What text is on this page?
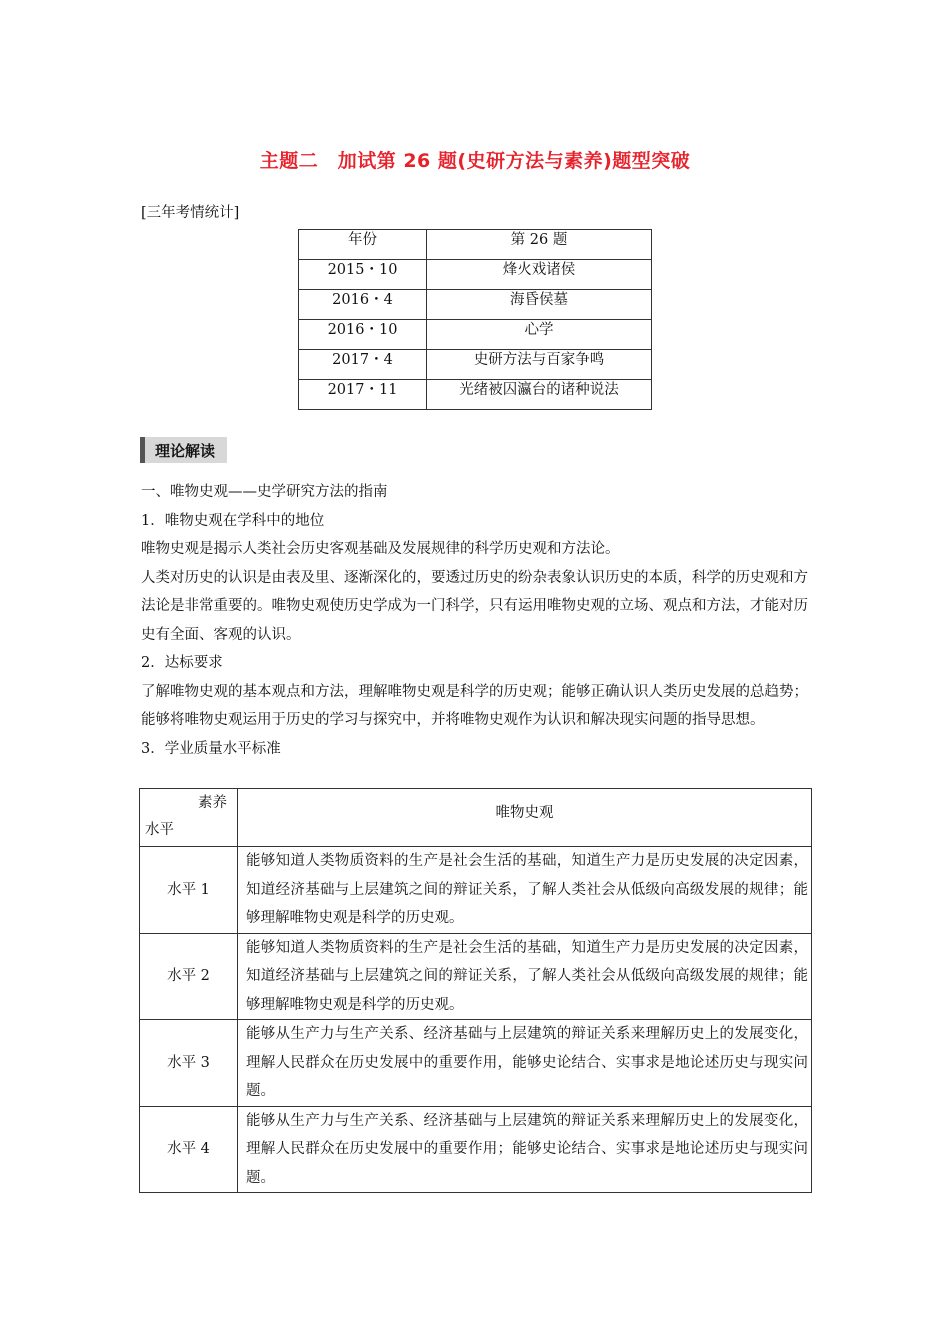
主题二　加试第 26 题(史研方法与素养)题型突破
[三年考情统计]
年份	第 26 题
2015・10	烽火戏诸侯
2016・4	海昏侯墓
2016・10	心学
2017・4	史研方法与百家争鸣
2017・11	光绪被囚瀛台的诸种说法
理论解读

一、唯物史观——史学研究方法的指南

1．唯物史观在学科中的地位

唯物史观是揭示人类社会历史客观基础及发展规律的科学历史观和方法论。

人类对历史的认识是由表及里、逐渐深化的，要透过历史的纷杂表象认识历史的本质，科学的历史观和方法论是非常重要的。唯物史观使历史学成为一门科学，只有运用唯物史观的立场、观点和方法，才能对历史有全面、客观的认识。

2．达标要求

了解唯物史观的基本观点和方法，理解唯物史观是科学的历史观；能够正确认识人类历史发展的总趋势；能够将唯物史观运用于历史的学习与探究中，并将唯物史观作为认识和解决现实问题的指导思想。

3．学业质量水平标准

素养
水平	唯物史观
水平 1	能够知道人类物质资料的生产是社会生活的基础，知道生产力是历史发展的决定因素，知道经济基础与上层建筑之间的辩证关系，了解人类社会从低级向高级发展的规律；能够理解唯物史观是科学的历史观。
水平 2	能够知道人类物质资料的生产是社会生活的基础，知道生产力是历史发展的决定因素，知道经济基础与上层建筑之间的辩证关系，了解人类社会从低级向高级发展的规律；能够理解唯物史观是科学的历史观。
水平 3	能够从生产力与生产关系、经济基础与上层建筑的辩证关系来理解历史上的发展变化，理解人民群众在历史发展中的重要作用，能够史论结合、实事求是地论述历史与现实问题。
水平 4	能够从生产力与生产关系、经济基础与上层建筑的辩证关系来理解历史上的发展变化，理解人民群众在历史发展中的重要作用；能够史论结合、实事求是地论述历史与现实问题。
